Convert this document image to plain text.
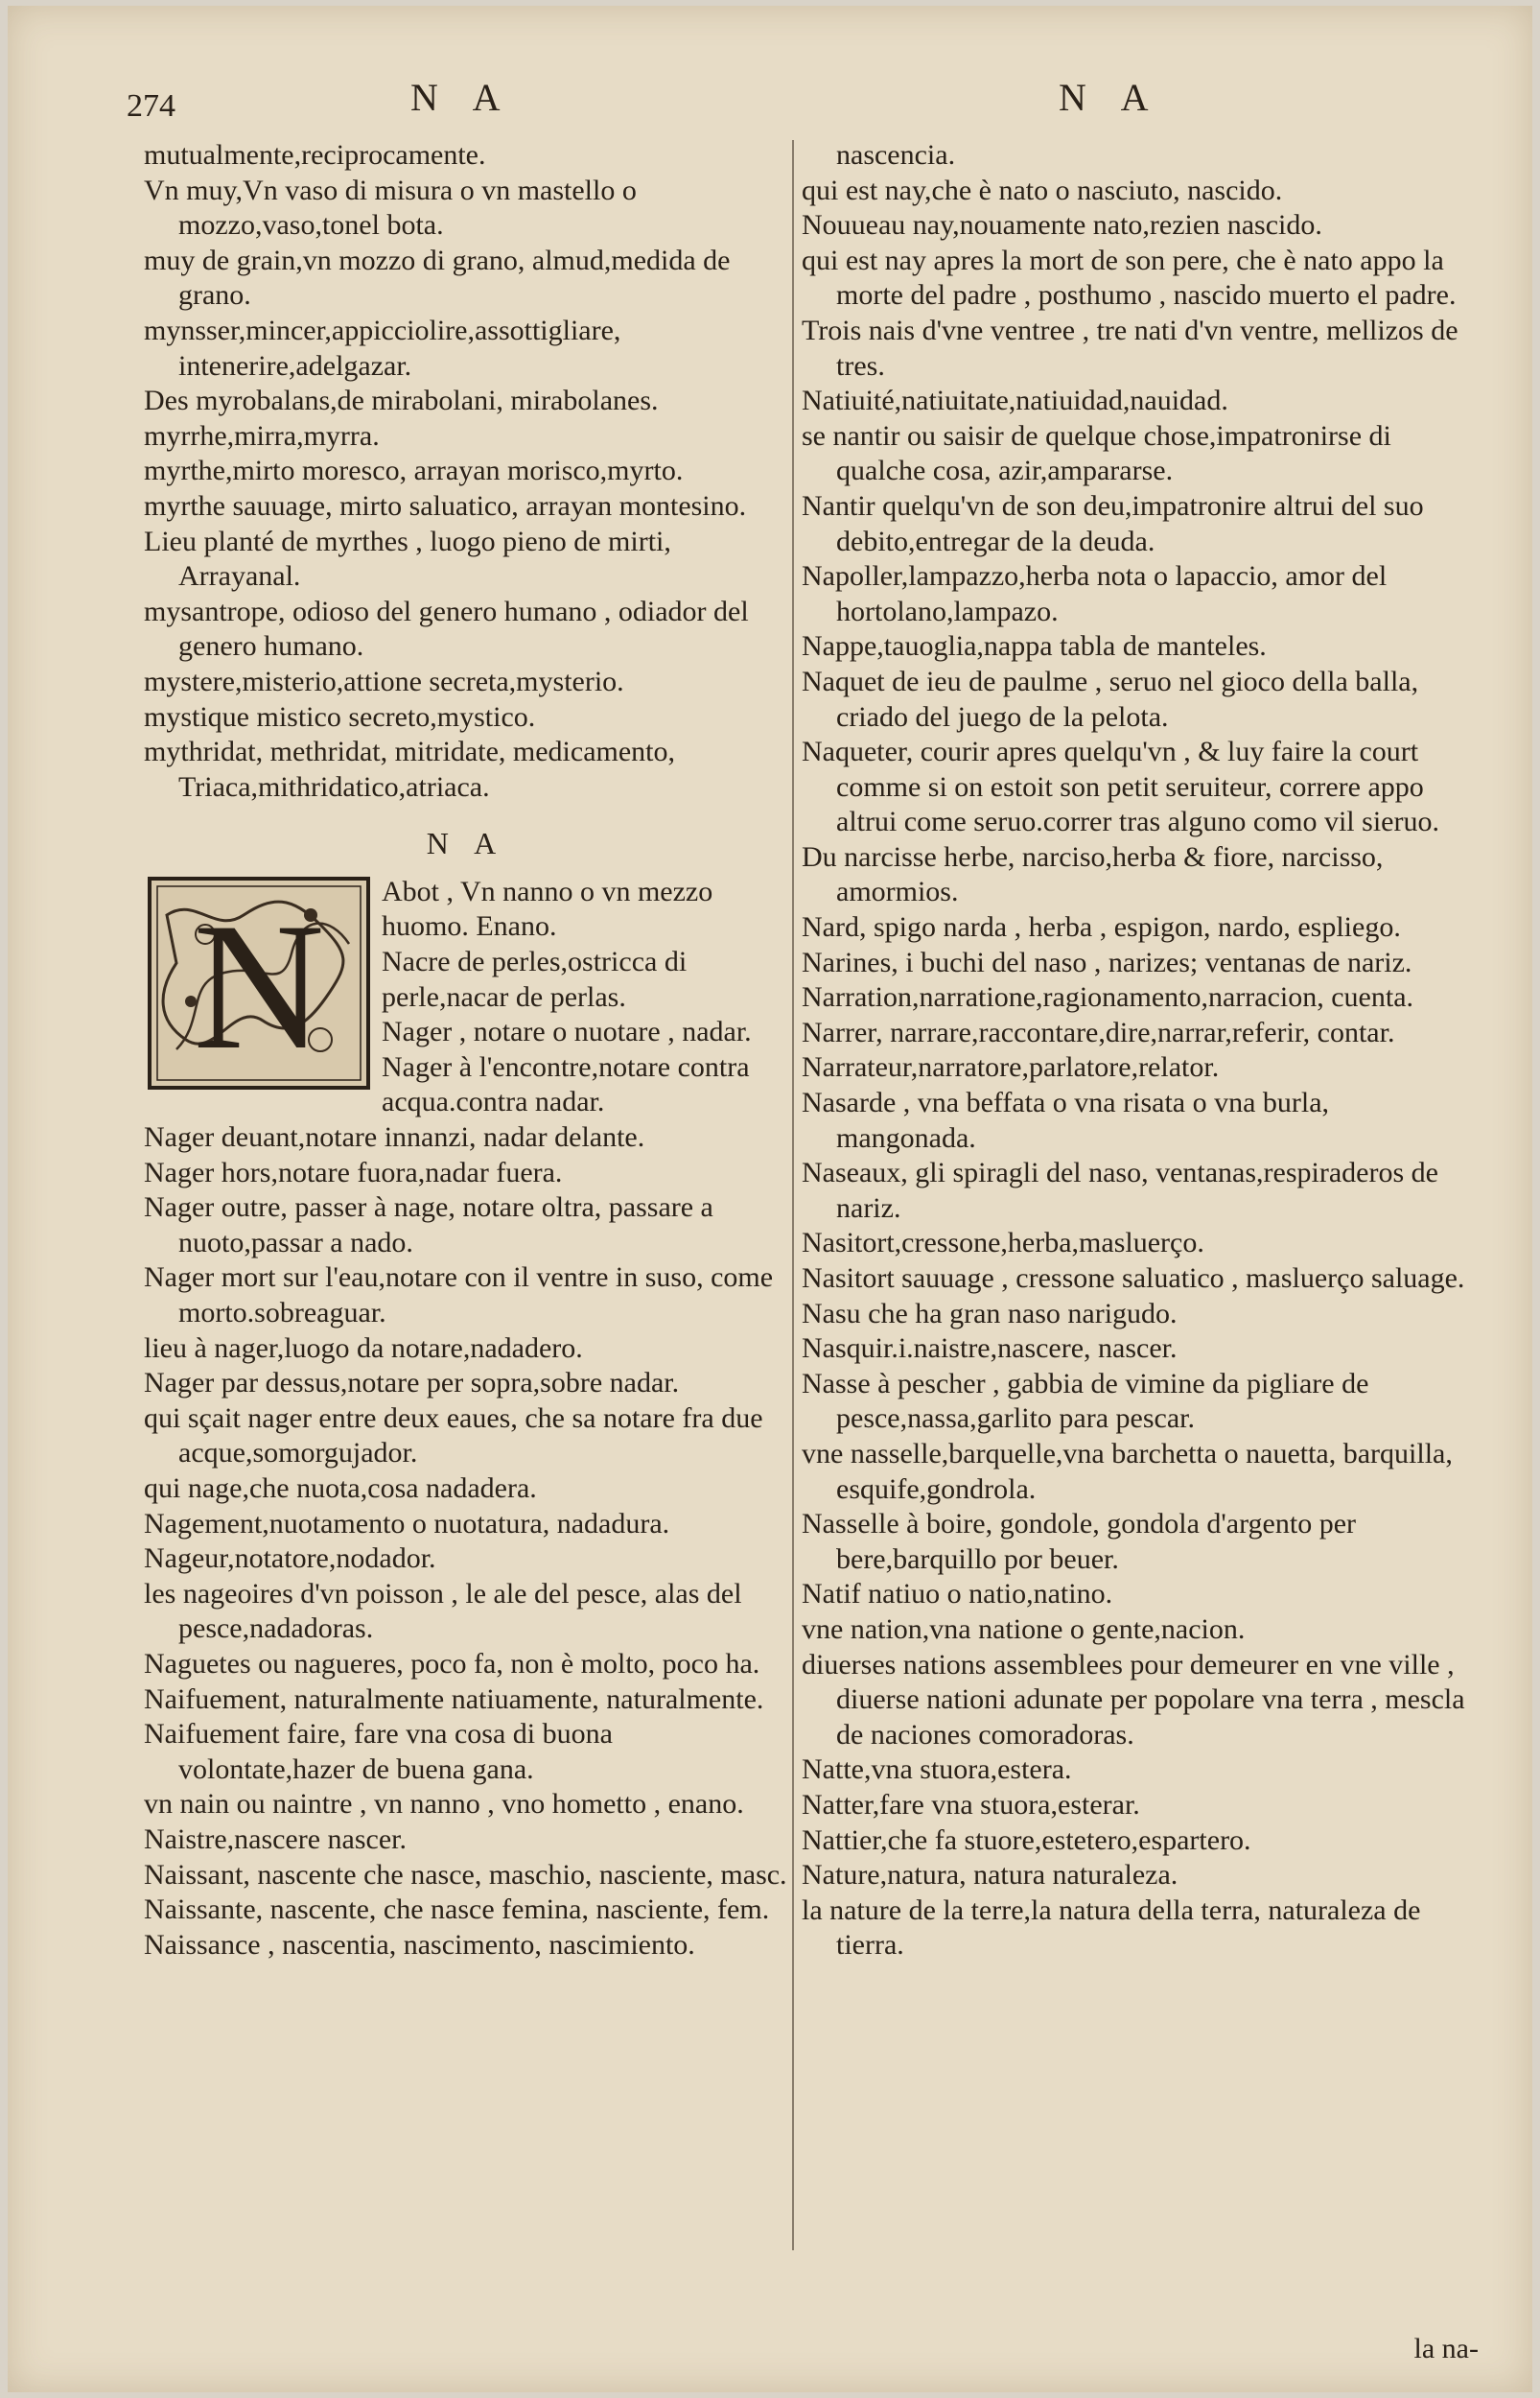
274	N A	N A

mutualmente,reciprocamente.

Vn muy,Vn vaso di misura o vn mastello o mozzo,vaso,tonel bota.

muy de grain,vn mozzo di grano, almud,medida de grano.

mynsser,mincer,appicciolire,assottigliare, intenerire,adelgazar.

Des myrobalans,de mirabolani, mirabolanes.

myrrhe,mirra,myrra.

myrthe,mirto moresco, arrayan morisco,myrto.

myrthe sauuage, mirto saluatico, arrayan montesino.

Lieu planté de myrthes , luogo pieno de mirti, Arrayanal.

mysantrope, odioso del genero humano , odiador del genero humano.

mystere,misterio,attione secreta,mysterio.

mystique mistico secreto,mystico.

mythridat, methridat, mitridate, medicamento, Triaca,mithridatico,atriaca.

N A
N	Abot , Vn nanno o vn mezzo huomo. Enano.

Nacre de perles,ostricca di perle,nacar de perlas.

Nager , notare o nuotare , nadar.

Nager à l'encontre,notare contra acqua.contra nadar.

Nager deuant,notare innanzi, nadar delante.

Nager hors,notare fuora,nadar fuera.

Nager outre, passer à nage, notare oltra, passare a nuoto,passar a nado.

Nager mort sur l'eau,notare con il ventre in suso, come morto.sobreaguar.

lieu à nager,luogo da notare,nadadero.

Nager par dessus,notare per sopra,sobre nadar.

qui sçait nager entre deux eaues, che sa notare fra due acque,somorgujador.

qui nage,che nuota,cosa nadadera.

Nagement,nuotamento o nuotatura, nadadura.

Nageur,notatore,nodador.

les nageoires d'vn poisson , le ale del pesce, alas del pesce,nadadoras.

Naguetes ou nagueres, poco fa, non è molto, poco ha.

Naifuement, naturalmente natiuamente, naturalmente.

Naifuement faire, fare vna cosa di buona volontate,hazer de buena gana.

vn nain ou naintre , vn nanno , vno hometto , enano.

Naistre,nascere nascer.

Naissant, nascente che nasce, maschio, nasciente, masc.

Naissante, nascente, che nasce femina, nasciente, fem.

Naissance , nascentia, nascimento, nascimiento.

nascencia.

qui est nay,che è nato o nasciuto, nascido.

Nouueau nay,nouamente nato,rezien nascido.

qui est nay apres la mort de son pere, che è nato appo la morte del padre , posthumo , nascido muerto el padre.

Trois nais d'vne ventree , tre nati d'vn ventre, mellizos de tres.

Natiuité,natiuitate,natiuidad,nauidad.

se nantir ou saisir de quelque chose,impatronirse di qualche cosa, azir,ampararse.

Nantir quelqu'vn de son deu,impatronire altrui del suo debito,entregar de la deuda.

Napoller,lampazzo,herba nota o lapaccio, amor del hortolano,lampazo.

Nappe,tauoglia,nappa tabla de manteles.

Naquet de ieu de paulme , seruo nel gioco della balla, criado del juego de la pelota.

Naqueter, courir apres quelqu'vn , & luy faire la court comme si on estoit son petit seruiteur, correre appo altrui come seruo.correr tras alguno como vil sieruo.

Du narcisse herbe, narciso,herba & fiore, narcisso, amormios.

Nard, spigo narda , herba , espigon, nardo, espliego.

Narines, i buchi del naso , narizes; ventanas de nariz.

Narration,narratione,ragionamento,narracion, cuenta.

Narrer, narrare,raccontare,dire,narrar,referir, contar.

Narrateur,narratore,parlatore,relator.

Nasarde , vna beffata o vna risata o vna burla, mangonada.

Naseaux, gli spiragli del naso, ventanas,respiraderos de nariz.

Nasitort,cressone,herba,masluerço.

Nasitort sauuage , cressone saluatico , masluerço saluage.

Nasu che ha gran naso narigudo.

Nasquir.i.naistre,nascere, nascer.

Nasse à pescher , gabbia de vimine da pigliare de pesce,nassa,garlito para pescar.

vne nasselle,barquelle,vna barchetta o nauetta, barquilla, esquife,gondrola.

Nasselle à boire, gondole, gondola d'argento per bere,barquillo por beuer.

Natif natiuo o natio,natino.

vne nation,vna natione o gente,nacion.

diuerses nations assemblees pour demeurer en vne ville , diuerse nationi adunate per popolare vna terra , mescla de naciones comoradoras.

Natte,vna stuora,estera.

Natter,fare vna stuora,esterar.

Nattier,che fa stuore,estetero,espartero.

Nature,natura, natura naturaleza.

la nature de la terre,la natura della terra, naturaleza de tierra.

la na-
